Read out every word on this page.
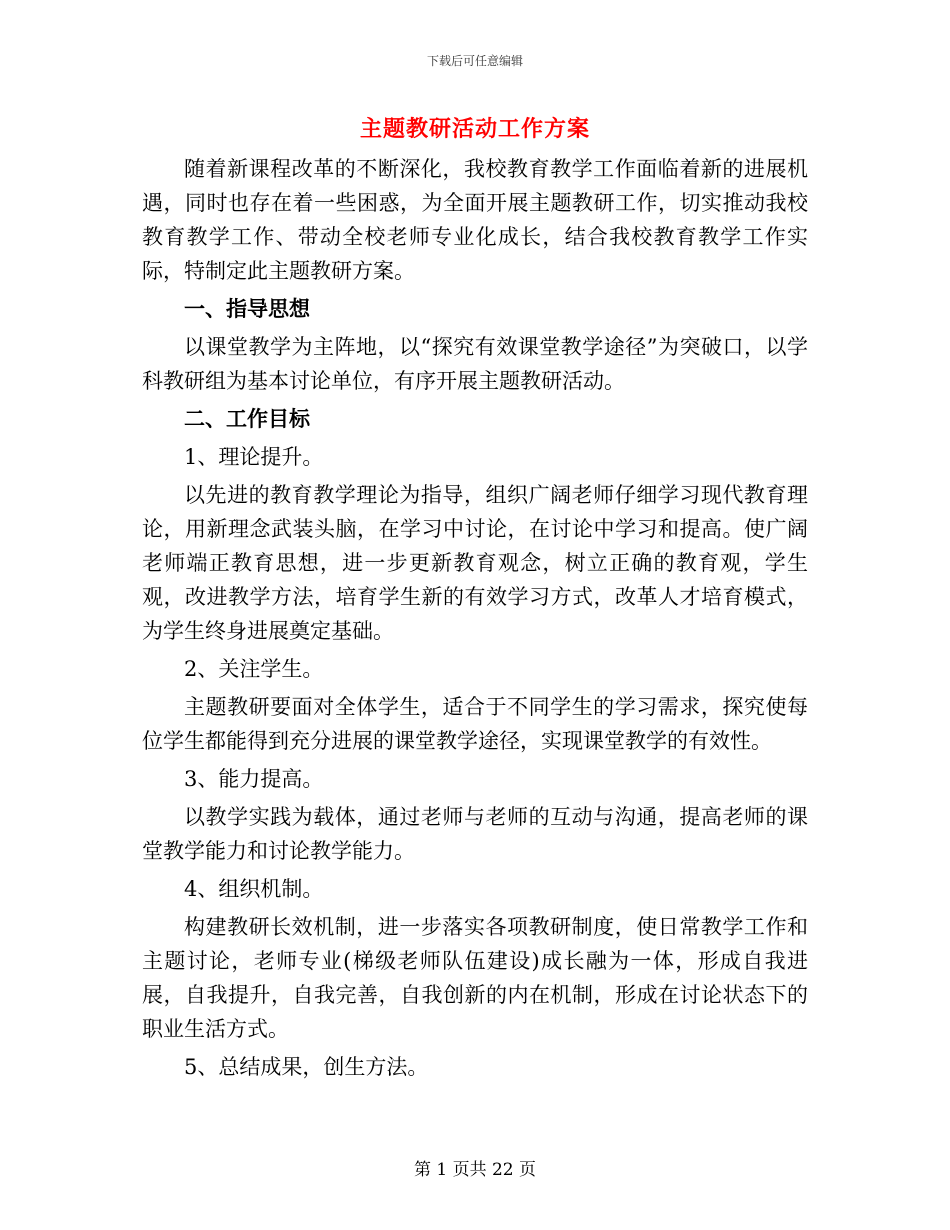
下载后可任意编辑
主题教研活动工作方案

随着新课程改革的不断深化，我校教育教学工作面临着新的进展机遇，同时也存在着一些困惑，为全面开展主题教研工作，切实推动我校教育教学工作、带动全校老师专业化成长，结合我校教育教学工作实际，特制定此主题教研方案。

一、指导思想

以课堂教学为主阵地，以“探究有效课堂教学途径”为突破口，以学科教研组为基本讨论单位，有序开展主题教研活动。

二、工作目标

1、理论提升。

以先进的教育教学理论为指导，组织广阔老师仔细学习现代教育理论，用新理念武装头脑，在学习中讨论，在讨论中学习和提高。使广阔老师端正教育思想，进一步更新教育观念，树立正确的教育观，学生观，改进教学方法，培育学生新的有效学习方式，改革人才培育模式，为学生终身进展奠定基础。

2、关注学生。

主题教研要面对全体学生，适合于不同学生的学习需求，探究使每位学生都能得到充分进展的课堂教学途径，实现课堂教学的有效性。

3、能力提高。

以教学实践为载体，通过老师与老师的互动与沟通，提高老师的课堂教学能力和讨论教学能力。

4、组织机制。

构建教研长效机制，进一步落实各项教研制度，使日常教学工作和主题讨论，老师专业(梯级老师队伍建设)成长融为一体，形成自我进展，自我提升，自我完善，自我创新的内在机制，形成在讨论状态下的职业生活方式。

5、总结成果，创生方法。

第 1 页共 22 页
